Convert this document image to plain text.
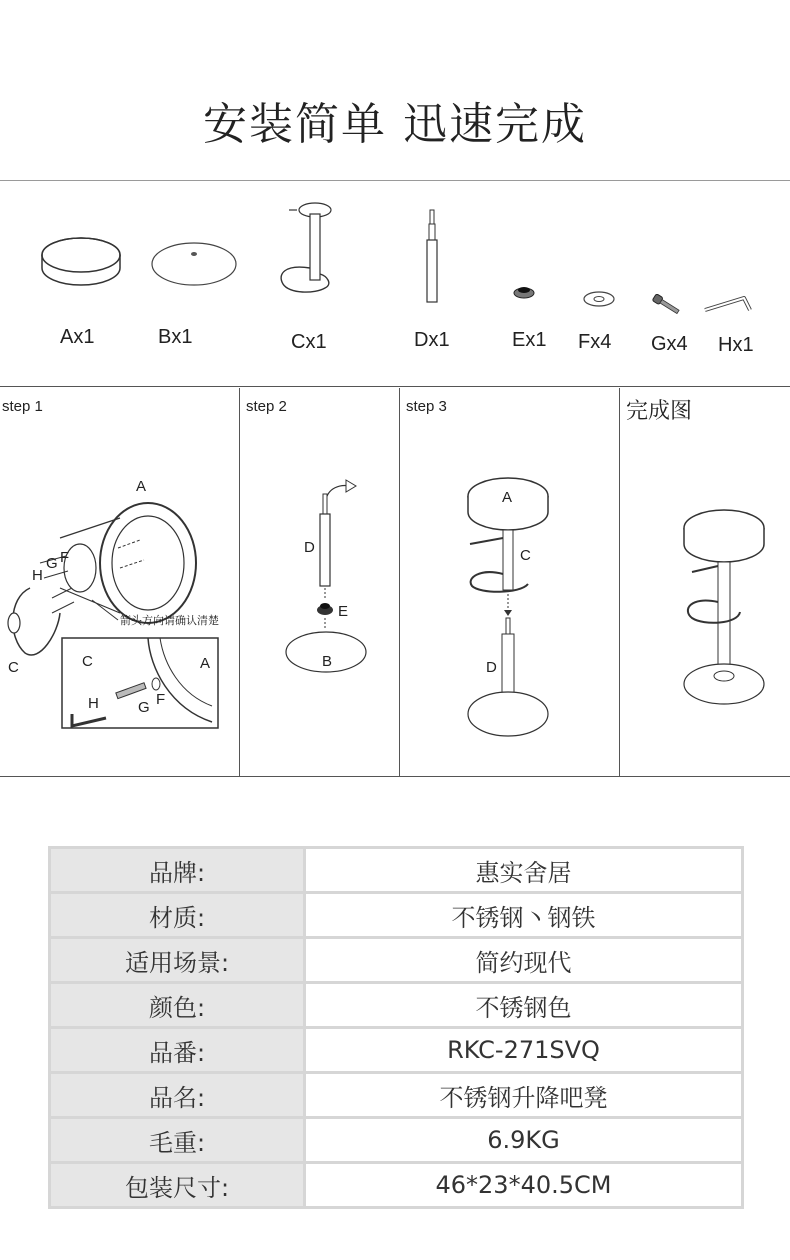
安装简单 迅速完成
Ax1	Bx1	Cx1	Dx1	Ex1 Fx4 Gx4 Hx1
step 1
A
G F
H
C
箭头方向请确认清楚
C	A
H	G F
step 2
D
E
B
step 3
A
C
D
完成图
品牌:	惠实舍居
材质:	不锈钢丶钢铁
适用场景:	简约现代
颜色:	不锈钢色
品番:	RKC-271SVQ
品名:	不锈钢升降吧凳
毛重:	6.9KG
包装尺寸:	46*23*40.5CM
